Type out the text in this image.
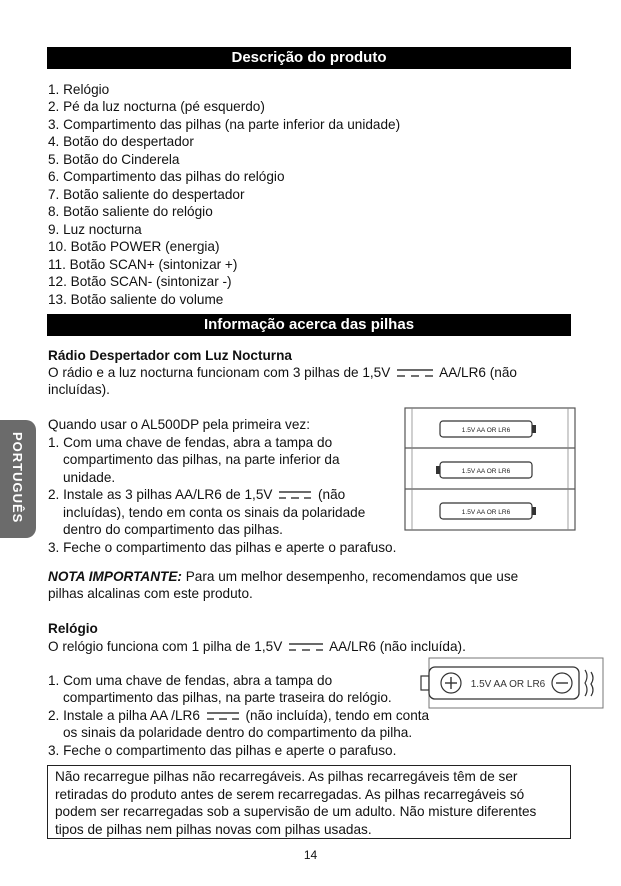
Descrição do produto
1. Relógio
2. Pé da luz nocturna (pé esquerdo)
3. Compartimento das pilhas (na parte inferior da unidade)
4. Botão do despertador
5. Botão do Cinderela
6. Compartimento das pilhas do relógio
7. Botão saliente do despertador
8. Botão saliente do relógio
9. Luz nocturna
10. Botão POWER (energia)
11. Botão SCAN+ (sintonizar +)
12. Botão SCAN- (sintonizar -)
13. Botão saliente do volume
Informação acerca das pilhas
Rádio Despertador com Luz Nocturna
O rádio e a luz nocturna funcionam com 3 pilhas de 1,5V	AA/LR6 (não
incluídas).
Quando usar o AL500DP pela primeira vez:
1. Com uma chave de fendas, abra a tampa do
compartimento das pilhas, na parte inferior da
unidade.
2. Instale as 3 pilhas AA/LR6 de 1,5V	(não
incluídas), tendo em conta os sinais da polaridade
dentro do compartimento das pilhas.
3. Feche o compartimento das pilhas e aperte o parafuso.
1.5V AA OR LR6
1.5V AA OR LR6
1.5V AA OR LR6
PORTUGUÊS
NOTA IMPORTANTE: Para um melhor desempenho, recomendamos que use
pilhas alcalinas com este produto.
Relógio
O relógio funciona com 1 pilha de 1,5V	AA/LR6 (não incluída).
1. Com uma chave de fendas, abra a tampa do
compartimento das pilhas, na parte traseira do relógio.
2. Instale a pilha AA /LR6	(não incluída), tendo em conta
os sinais da polaridade dentro do compartimento da pilha.
3. Feche o compartimento das pilhas e aperte o parafuso.
1.5V AA OR LR6
Não recarregue pilhas não recarregáveis. As pilhas recarregáveis têm de ser
retiradas do produto antes de serem recarregadas. As pilhas recarregáveis só
podem ser recarregadas sob a supervisão de um adulto. Não misture diferentes
tipos de pilhas nem pilhas novas com pilhas usadas.
14
